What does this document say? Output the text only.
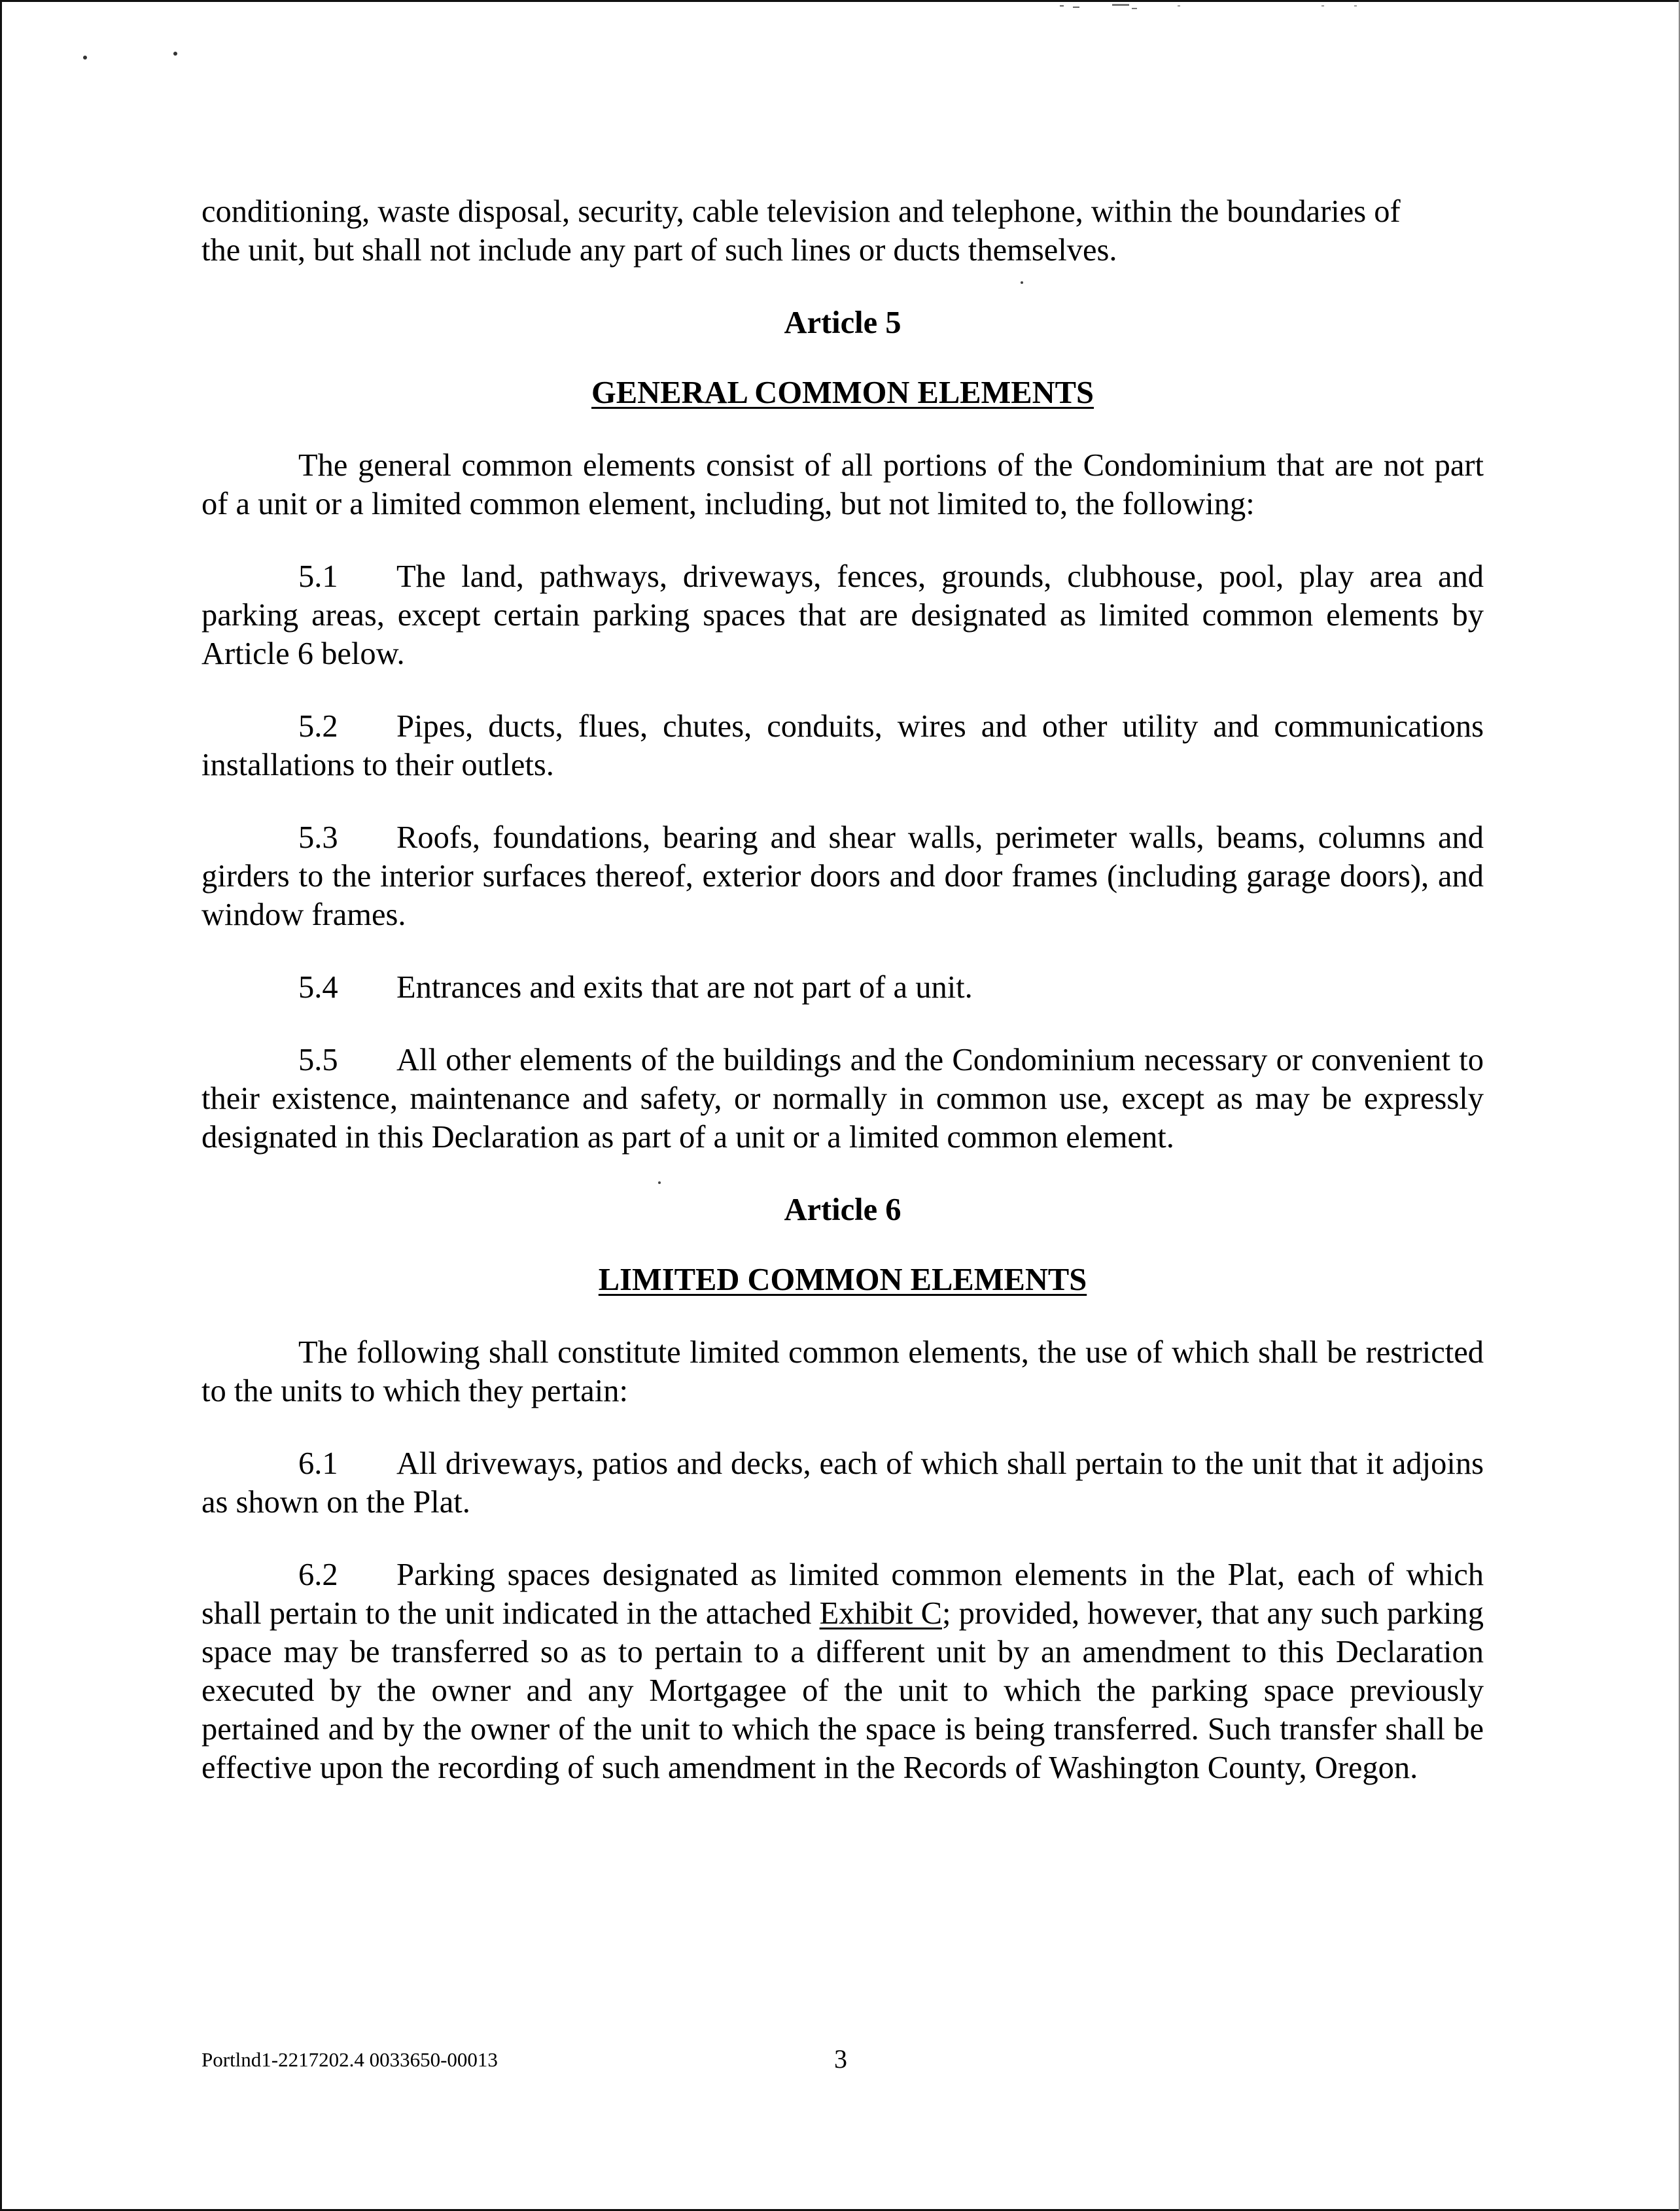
conditioning, waste disposal, security, cable television and telephone, within the boundaries of

the unit, but shall not include any part of such lines or ducts themselves.

Article 5

GENERAL COMMON ELEMENTS

The general common elements consist of all portions of the Condominium that are not part of a unit or a limited common element, including, but not limited to, the following:

5.1 The land, pathways, driveways, fences, grounds, clubhouse, pool, play area and parking areas, except certain parking spaces that are designated as limited common elements by Article 6 below.

5.2 Pipes, ducts, flues, chutes, conduits, wires and other utility and communications installations to their outlets.

5.3 Roofs, foundations, bearing and shear walls, perimeter walls, beams, columns and girders to the interior surfaces thereof, exterior doors and door frames (including garage doors), and window frames.

5.4 Entrances and exits that are not part of a unit.

5.5 All other elements of the buildings and the Condominium necessary or convenient to their existence, maintenance and safety, or normally in common use, except as may be expressly designated in this Declaration as part of a unit or a limited common element.

Article 6

LIMITED COMMON ELEMENTS

The following shall constitute limited common elements, the use of which shall be restricted to the units to which they pertain:

6.1 All driveways, patios and decks, each of which shall pertain to the unit that it adjoins as shown on the Plat.

6.2 Parking spaces designated as limited common elements in the Plat, each of which shall pertain to the unit indicated in the attached Exhibit C; provided, however, that any such parking space may be transferred so as to pertain to a different unit by an amendment to this Declaration executed by the owner and any Mortgagee of the unit to which the parking space previously pertained and by the owner of the unit to which the space is being transferred. Such transfer shall be effective upon the recording of such amendment in the Records of Washington County, Oregon.

Portlnd1-2217202.4 0033650-00013	3
